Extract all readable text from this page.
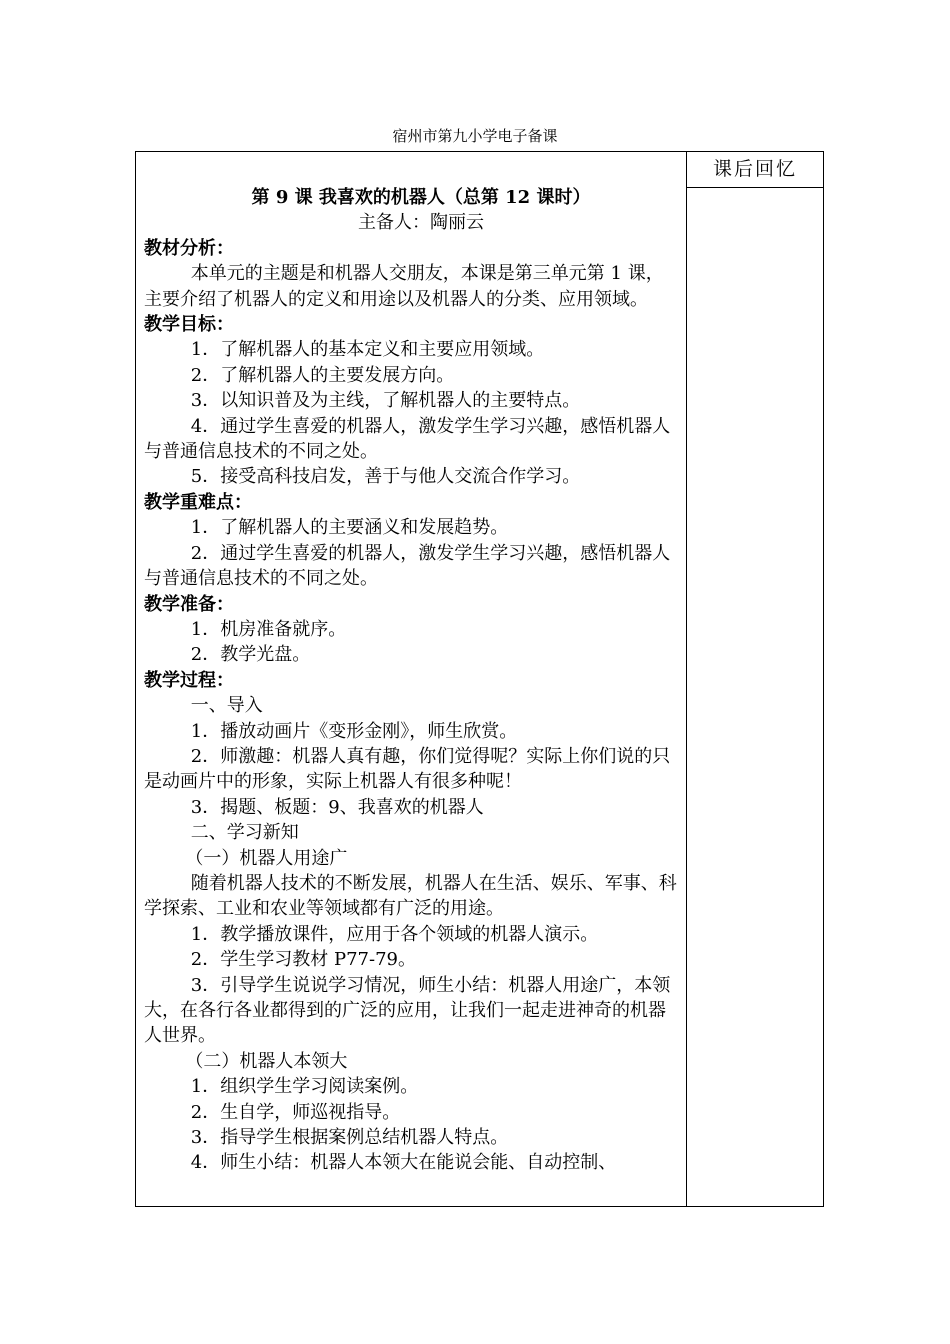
宿州市第九小学电子备课
课后回忆

第 9 课 我喜欢的机器人（总第 12 课时）

主备人：陶丽云

教材分析：

本单元的主题是和机器人交朋友，本课是第三单元第 1 课，主要介绍了机器人的定义和用途以及机器人的分类、应用领域。

教学目标：

1．了解机器人的基本定义和主要应用领域。

2．了解机器人的主要发展方向。

3．以知识普及为主线，了解机器人的主要特点。

4．通过学生喜爱的机器人，激发学生学习兴趣，感悟机器人与普通信息技术的不同之处。

5．接受高科技启发，善于与他人交流合作学习。

教学重难点：

1．了解机器人的主要涵义和发展趋势。

2．通过学生喜爱的机器人，激发学生学习兴趣，感悟机器人与普通信息技术的不同之处。

教学准备：

1．机房准备就序。

2．教学光盘。

教学过程：

一、导入

1．播放动画片《变形金刚》，师生欣赏。

2．师激趣：机器人真有趣，你们觉得呢？实际上你们说的只是动画片中的形象，实际上机器人有很多种呢！

3．揭题、板题：9、我喜欢的机器人

二、学习新知

（一）机器人用途广

随着机器人技术的不断发展，机器人在生活、娱乐、军事、科学探索、工业和农业等领域都有广泛的用途。

1．教学播放课件，应用于各个领域的机器人演示。

2．学生学习教材 P77-79。

3．引导学生说说学习情况，师生小结：机器人用途广，本领大，在各行各业都得到的广泛的应用，让我们一起走进神奇的机器人世界。

（二）机器人本领大

1．组织学生学习阅读案例。

2．生自学，师巡视指导。

3．指导学生根据案例总结机器人特点。

4．师生小结：机器人本领大在能说会能、自动控制、
